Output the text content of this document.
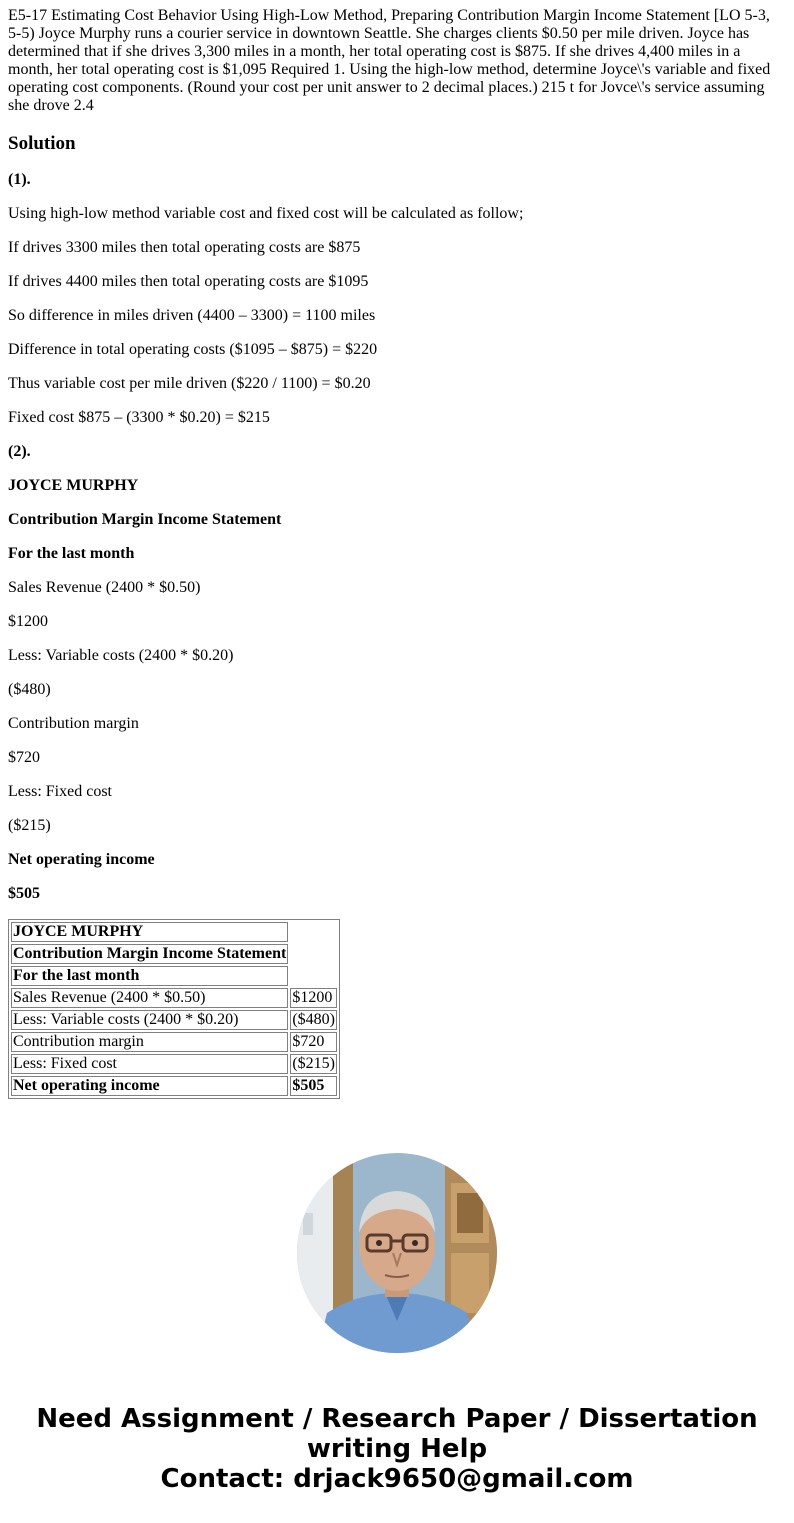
E5-17 Estimating Cost Behavior Using High-Low Method, Preparing Contribution Margin Income Statement [LO 5-3, 5-5) Joyce Murphy runs a courier service in downtown Seattle. She charges clients $0.50 per mile driven. Joyce has determined that if she drives 3,300 miles in a month, her total operating cost is $875. If she drives 4,400 miles in a month, her total operating cost is $1,095 Required 1. Using the high-low method, determine Joyce\'s variable and fixed operating cost components. (Round your cost per unit answer to 2 decimal places.) 215 t for Jovce\'s service assuming she drove 2.4
Solution

(1).

Using high-low method variable cost and fixed cost will be calculated as follow;

If drives 3300 miles then total operating costs are $875

If drives 4400 miles then total operating costs are $1095

So difference in miles driven (4400 – 3300) = 1100 miles

Difference in total operating costs ($1095 – $875) = $220

Thus variable cost per mile driven ($220 / 1100) = $0.20

Fixed cost $875 – (3300 * $0.20) = $215

(2).

JOYCE MURPHY

Contribution Margin Income Statement

For the last month

Sales Revenue (2400 * $0.50)

$1200

Less: Variable costs (2400 * $0.20)

($480)

Contribution margin

$720

Less: Fixed cost

($215)

Net operating income

$505

JOYCE MURPHY	
Contribution Margin Income Statement	
For the last month	
Sales Revenue (2400 * $0.50)	$1200
Less: Variable costs (2400 * $0.20)	($480)
Contribution margin	$720
Less: Fixed cost	($215)
Net operating income	$505
Need Assignment / Research Paper / Dissertation
writing Help
Contact: drjack9650@gmail.com
